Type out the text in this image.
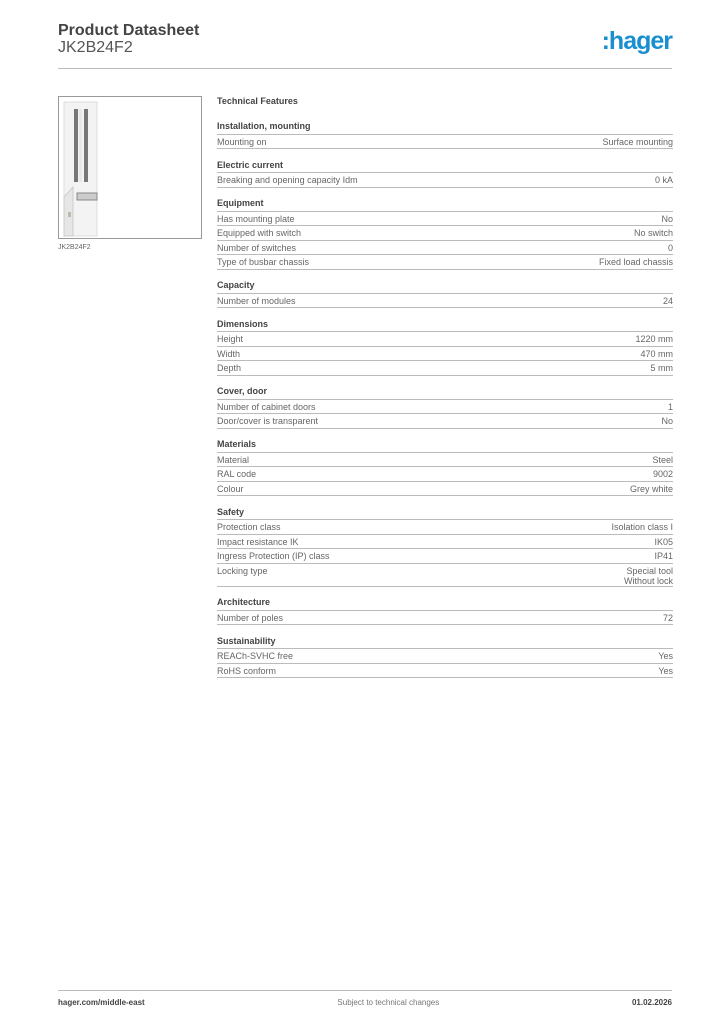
Product Datasheet
JK2B24F2	:hager
JK2B24F2
Technical Features
Installation, mounting
Mounting on	Surface mounting
Electric current
Breaking and opening capacity Idm	0 kA
Equipment
Has mounting plate	No
Equipped with switch	No switch
Number of switches	0
Type of busbar chassis	Fixed load chassis
Capacity
Number of modules	24
Dimensions
Height	1220 mm
Width	470 mm
Depth	5 mm
Cover, door
Number of cabinet doors	1
Door/cover is transparent	No
Materials
Material	Steel
RAL code	9002
Colour	Grey white
Safety
Protection class	Isolation class I
Impact resistance IK	IK05
Ingress Protection (IP) class	IP41
Locking type	Special tool
Without lock
Architecture
Number of poles	72
Sustainability
REACh-SVHC free	Yes
RoHS conform	Yes
hager.com/middle-east	Subject to technical changes	01.02.2026
